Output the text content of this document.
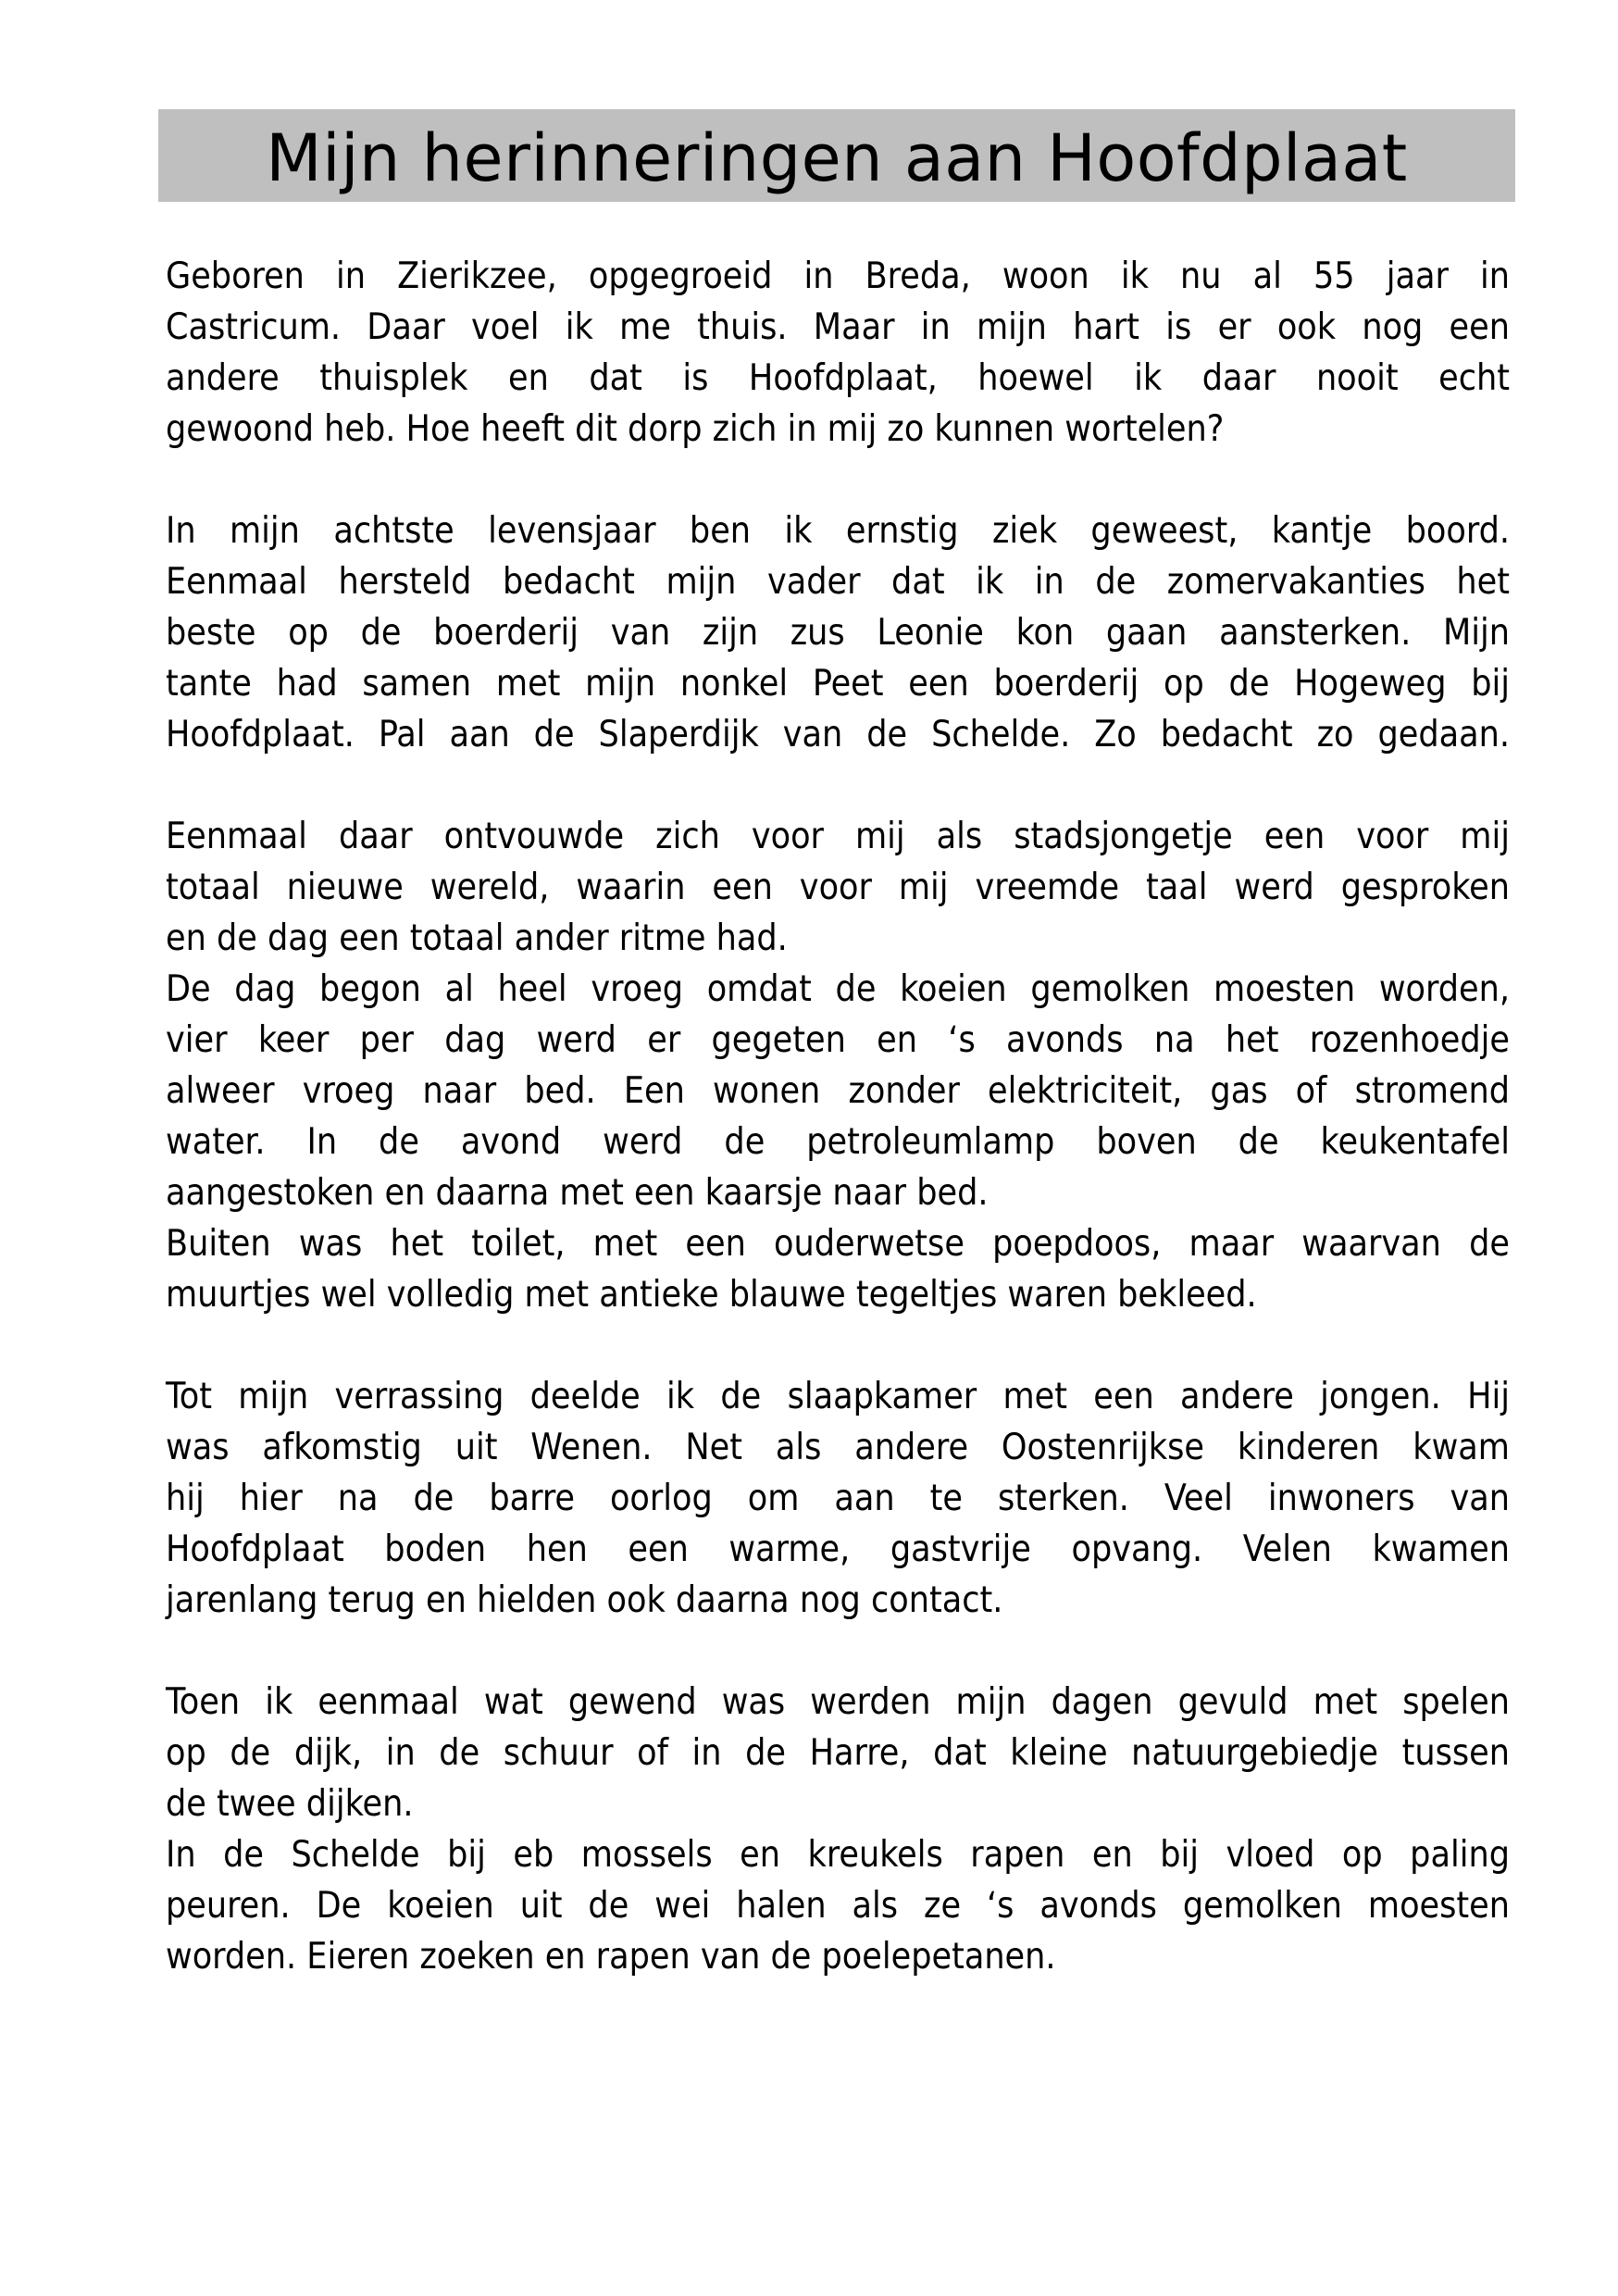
Mijn herinneringen aan Hoofdplaat
Geboren in Zierikzee, opgegroeid in Breda, woon ik nu al 55 jaar in
Castricum. Daar voel ik me thuis. Maar in mijn hart is er ook nog een
andere thuisplek en dat is Hoofdplaat, hoewel ik daar nooit echt
gewoond heb. Hoe heeft dit dorp zich in mij zo kunnen wortelen?
In mijn achtste levensjaar ben ik ernstig ziek geweest, kantje boord.
Eenmaal hersteld bedacht mijn vader dat ik in de zomervakanties het
beste op de boerderij van zijn zus Leonie kon gaan aansterken. Mijn
tante had samen met mijn nonkel Peet een boerderij op de Hogeweg bij
Hoofdplaat. Pal aan de Slaperdijk van de Schelde. Zo bedacht zo gedaan.
Eenmaal daar ontvouwde zich voor mij als stadsjongetje een voor mij
totaal nieuwe wereld, waarin een voor mij vreemde taal werd gesproken
en de dag een totaal ander ritme had.
De dag begon al heel vroeg omdat de koeien gemolken moesten worden,
vier keer per dag werd er gegeten en ‘s avonds na het rozenhoedje
alweer vroeg naar bed. Een wonen zonder elektriciteit, gas of stromend
water. In de avond werd de petroleumlamp boven de keukentafel
aangestoken en daarna met een kaarsje naar bed.
Buiten was het toilet, met een ouderwetse poepdoos, maar waarvan de
muurtjes wel volledig met antieke blauwe tegeltjes waren bekleed.
Tot mijn verrassing deelde ik de slaapkamer met een andere jongen. Hij
was afkomstig uit Wenen. Net als andere Oostenrijkse kinderen kwam
hij hier na de barre oorlog om aan te sterken. Veel inwoners van
Hoofdplaat boden hen een warme, gastvrije opvang. Velen kwamen
jarenlang terug en hielden ook daarna nog contact.
Toen ik eenmaal wat gewend was werden mijn dagen gevuld met spelen
op de dijk, in de schuur of in de Harre, dat kleine natuurgebiedje tussen
de twee dijken.
In de Schelde bij eb mossels en kreukels rapen en bij vloed op paling
peuren. De koeien uit de wei halen als ze ‘s avonds gemolken moesten
worden. Eieren zoeken en rapen van de poelepetanen.
